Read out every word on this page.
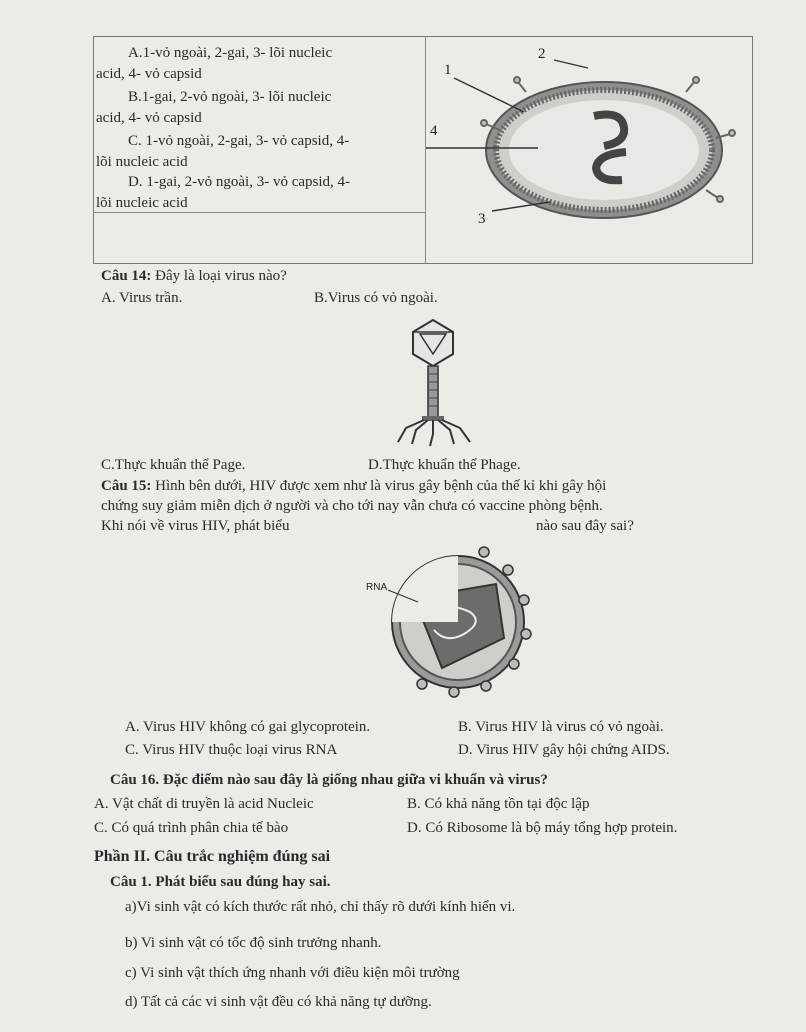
A.1-vỏ ngoài, 2-gai, 3- lõi nucleic
acid, 4- vỏ capsid
B.1-gai, 2-vỏ ngoài, 3- lõi nucleic
acid, 4- vỏ capsid
C. 1-vỏ ngoài, 2-gai, 3- vỏ capsid, 4-
lõi nucleic acid
D. 1-gai, 2-vỏ ngoài, 3- vỏ capsid, 4-
lõi nucleic acid
1
2
4
3
Câu 14: Đây là loại virus nào?
A. Virus trần.	B.Virus có vỏ ngoài.
C.Thực khuẩn thể Page.	D.Thực khuẩn thể Phage.
Câu 15: Hình bên dưới, HIV được xem như là virus gây bệnh của thế kỉ khi gây hội
chứng suy giảm miễn dịch ở người và cho tới nay vẫn chưa có vaccine phòng bệnh.
Khi nói về virus HIV, phát biểu	nào sau đây sai?
RNA
A. Virus HIV không có gai glycoprotein.	B. Virus HIV là virus có vỏ ngoài.
C. Virus HIV thuộc loại virus RNA	D. Virus HIV gây hội chứng AIDS.
Câu 16. Đặc điểm nào sau đây là giống nhau giữa vi khuẩn và virus?
A. Vật chất di truyền là acid Nucleic	B. Có khả năng tồn tại độc lập
C. Có quá trình phân chia tế bào	D. Có Ribosome là bộ máy tổng hợp protein.
Phần II. Câu trắc nghiệm đúng sai
Câu 1. Phát biểu sau đúng hay sai.
a)Vi sinh vật có kích thước rất nhỏ, chỉ thấy rõ dưới kính hiển vi.
b) Vi sinh vật có tốc độ sinh trưởng nhanh.
c) Vi sinh vật thích ứng nhanh với điều kiện môi trường
d) Tất cả các vi sinh vật đều có khả năng tự dưỡng.
